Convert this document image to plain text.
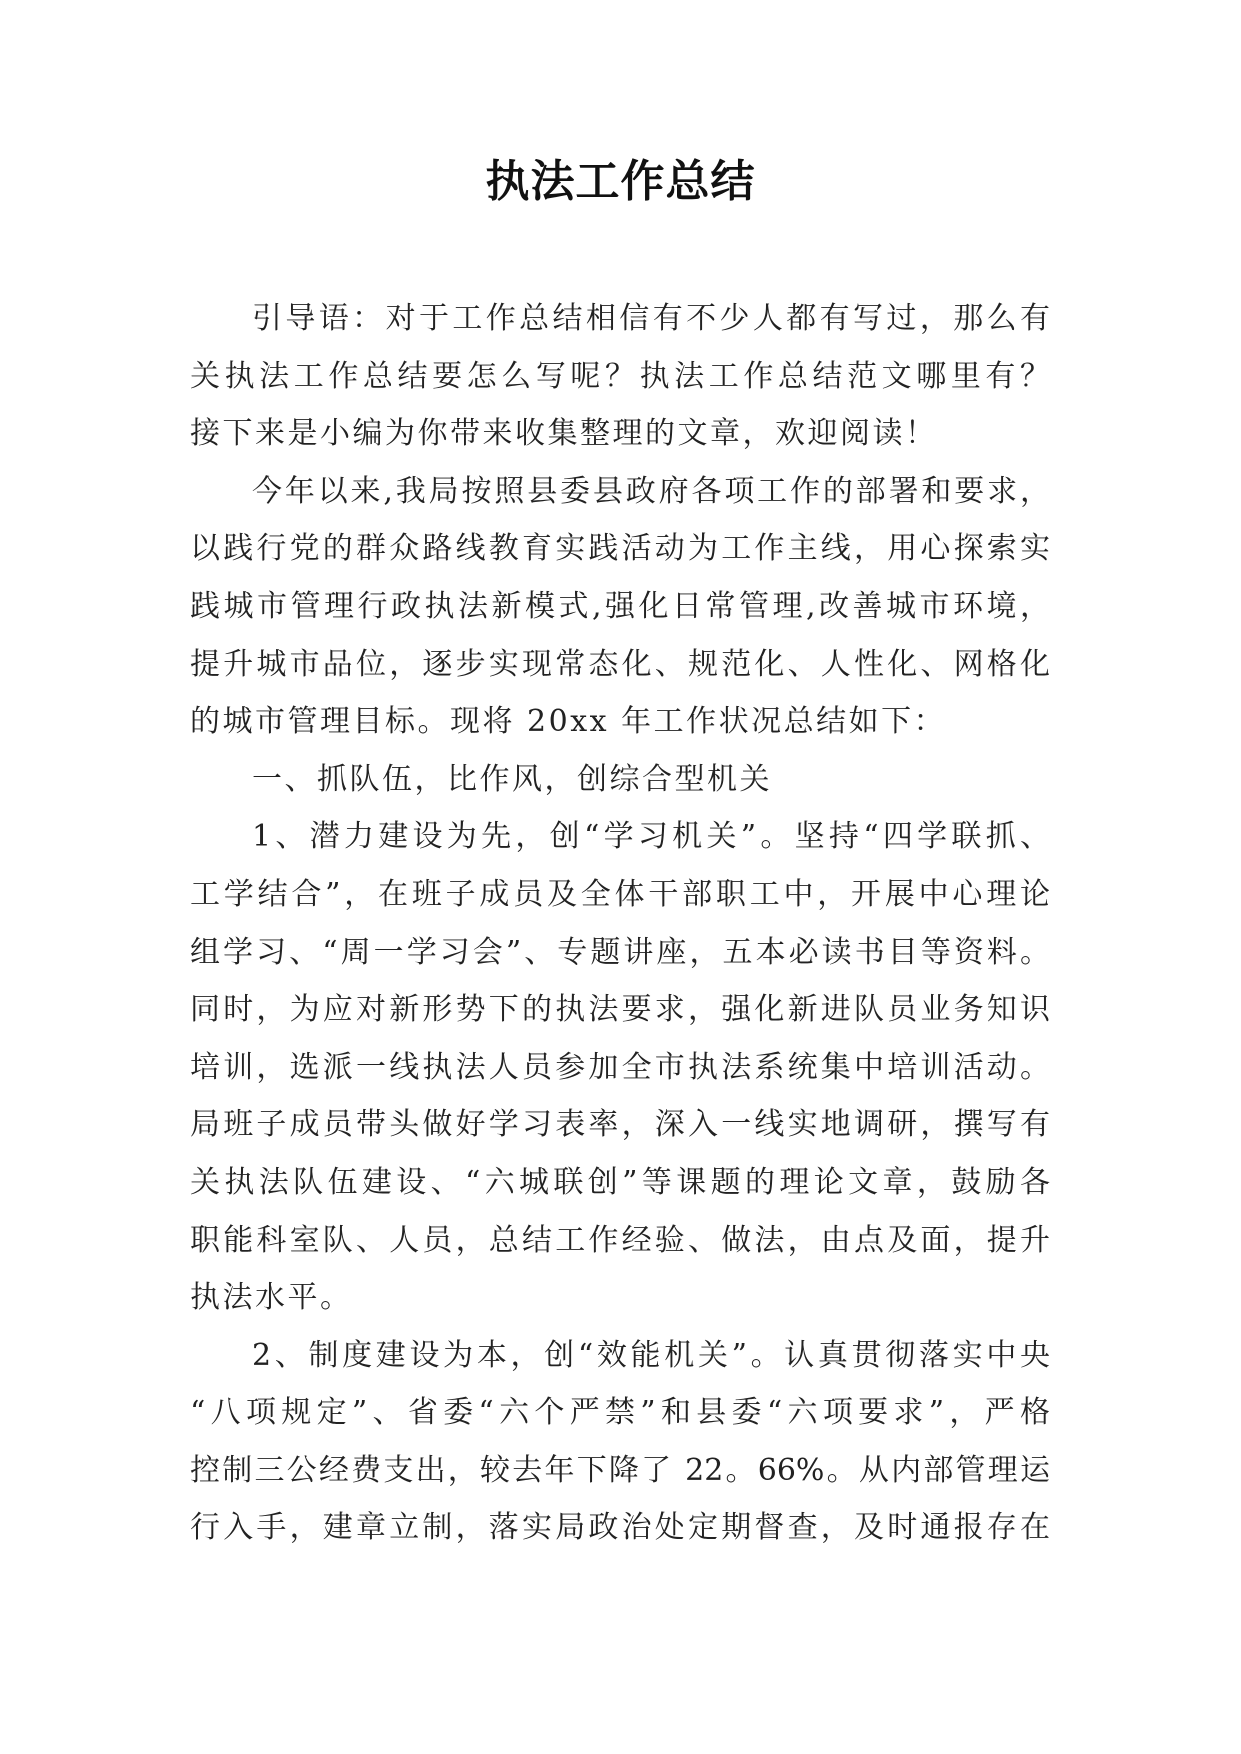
执法工作总结
引导语：对于工作总结相信有不少人都有写过，那么有
关执法工作总结要怎么写呢？执法工作总结范文哪里有？
接下来是小编为你带来收集整理的文章，欢迎阅读！
今年以来,我局按照县委县政府各项工作的部署和要求，
以践行党的群众路线教育实践活动为工作主线，用心探索实
践城市管理行政执法新模式,强化日常管理,改善城市环境，
提升城市品位，逐步实现常态化、规范化、人性化、网格化
的城市管理目标。现将 20xx 年工作状况总结如下：
一、抓队伍，比作风，创综合型机关
1、潜力建设为先，创“学习机关”。坚持“四学联抓、
工学结合”，在班子成员及全体干部职工中，开展中心理论
组学习、“周一学习会”、专题讲座，五本必读书目等资料。
同时，为应对新形势下的执法要求，强化新进队员业务知识
培训，选派一线执法人员参加全市执法系统集中培训活动。
局班子成员带头做好学习表率，深入一线实地调研，撰写有
关执法队伍建设、“六城联创”等课题的理论文章，鼓励各
职能科室队、人员，总结工作经验、做法，由点及面，提升
执法水平。
2、制度建设为本，创“效能机关”。认真贯彻落实中央
“八项规定”、省委“六个严禁”和县委“六项要求”，严格
控制三公经费支出，较去年下降了 22。66%。从内部管理运
行入手，建章立制，落实局政治处定期督查，及时通报存在
